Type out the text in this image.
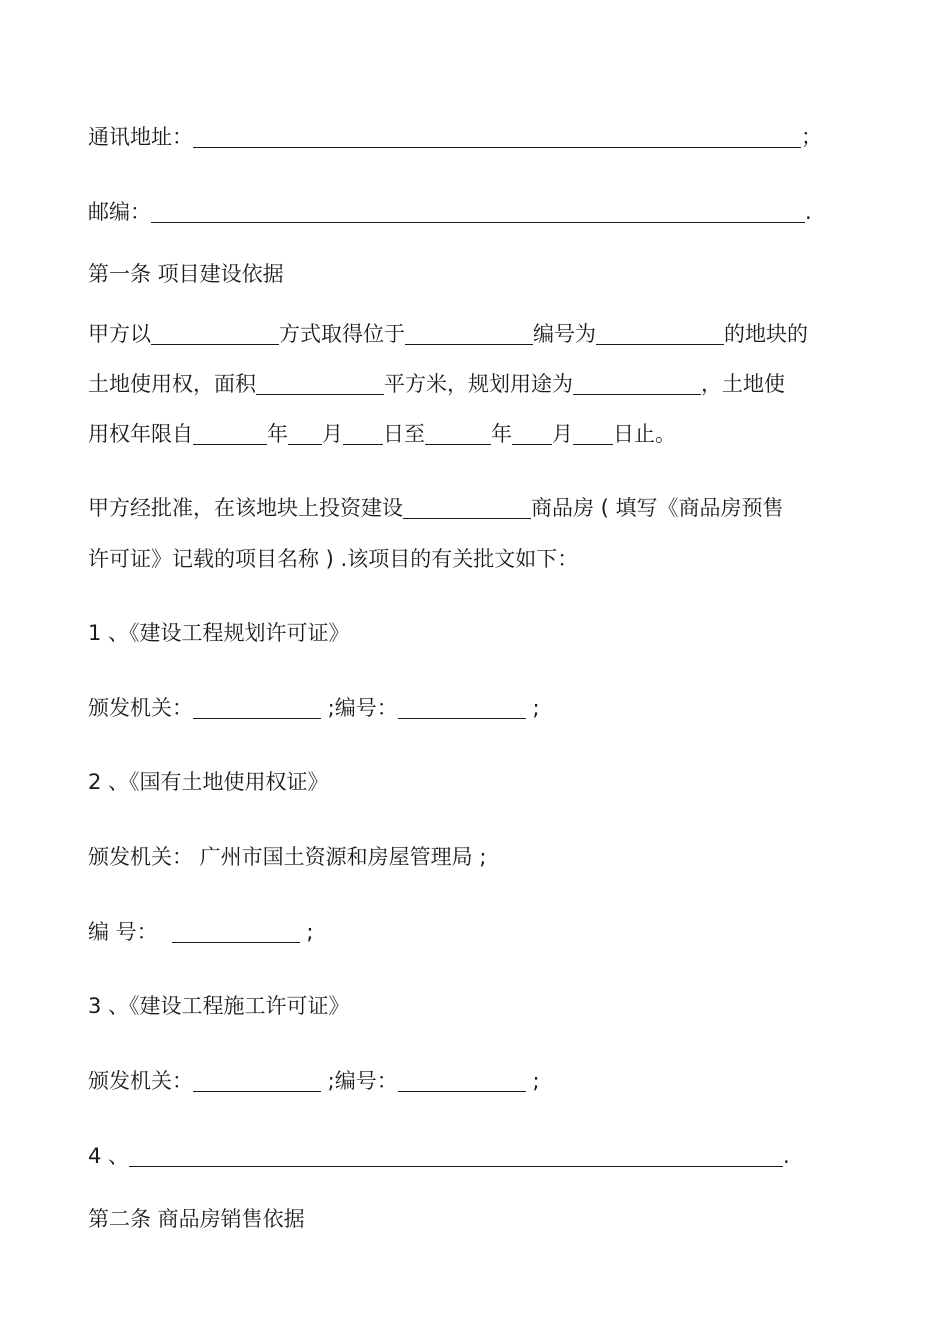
通讯地址：	；
邮编：	.
第一条 项目建设依据
甲方以	方式取得位于	编号为	的地块的
土地使用权，面积	平方米，规划用途为	，土地使
用权年限自	年 月 日至	年 月 日止。
甲方经批准，在该地块上投资建设	商品房 ( 填写《商品房预售
许可证》记载的项目名称 ) .该项目的有关批文如下：
1 、《建设工程规划许可证》
颁发机关：	;编号：	;
2 、《国有土地使用权证》
颁发机关： 广州市国土资源和房屋管理局 ;
编 号：	;
3 、《建设工程施工许可证》
颁发机关：	;编号：	;
4 、	.
第二条 商品房销售依据
